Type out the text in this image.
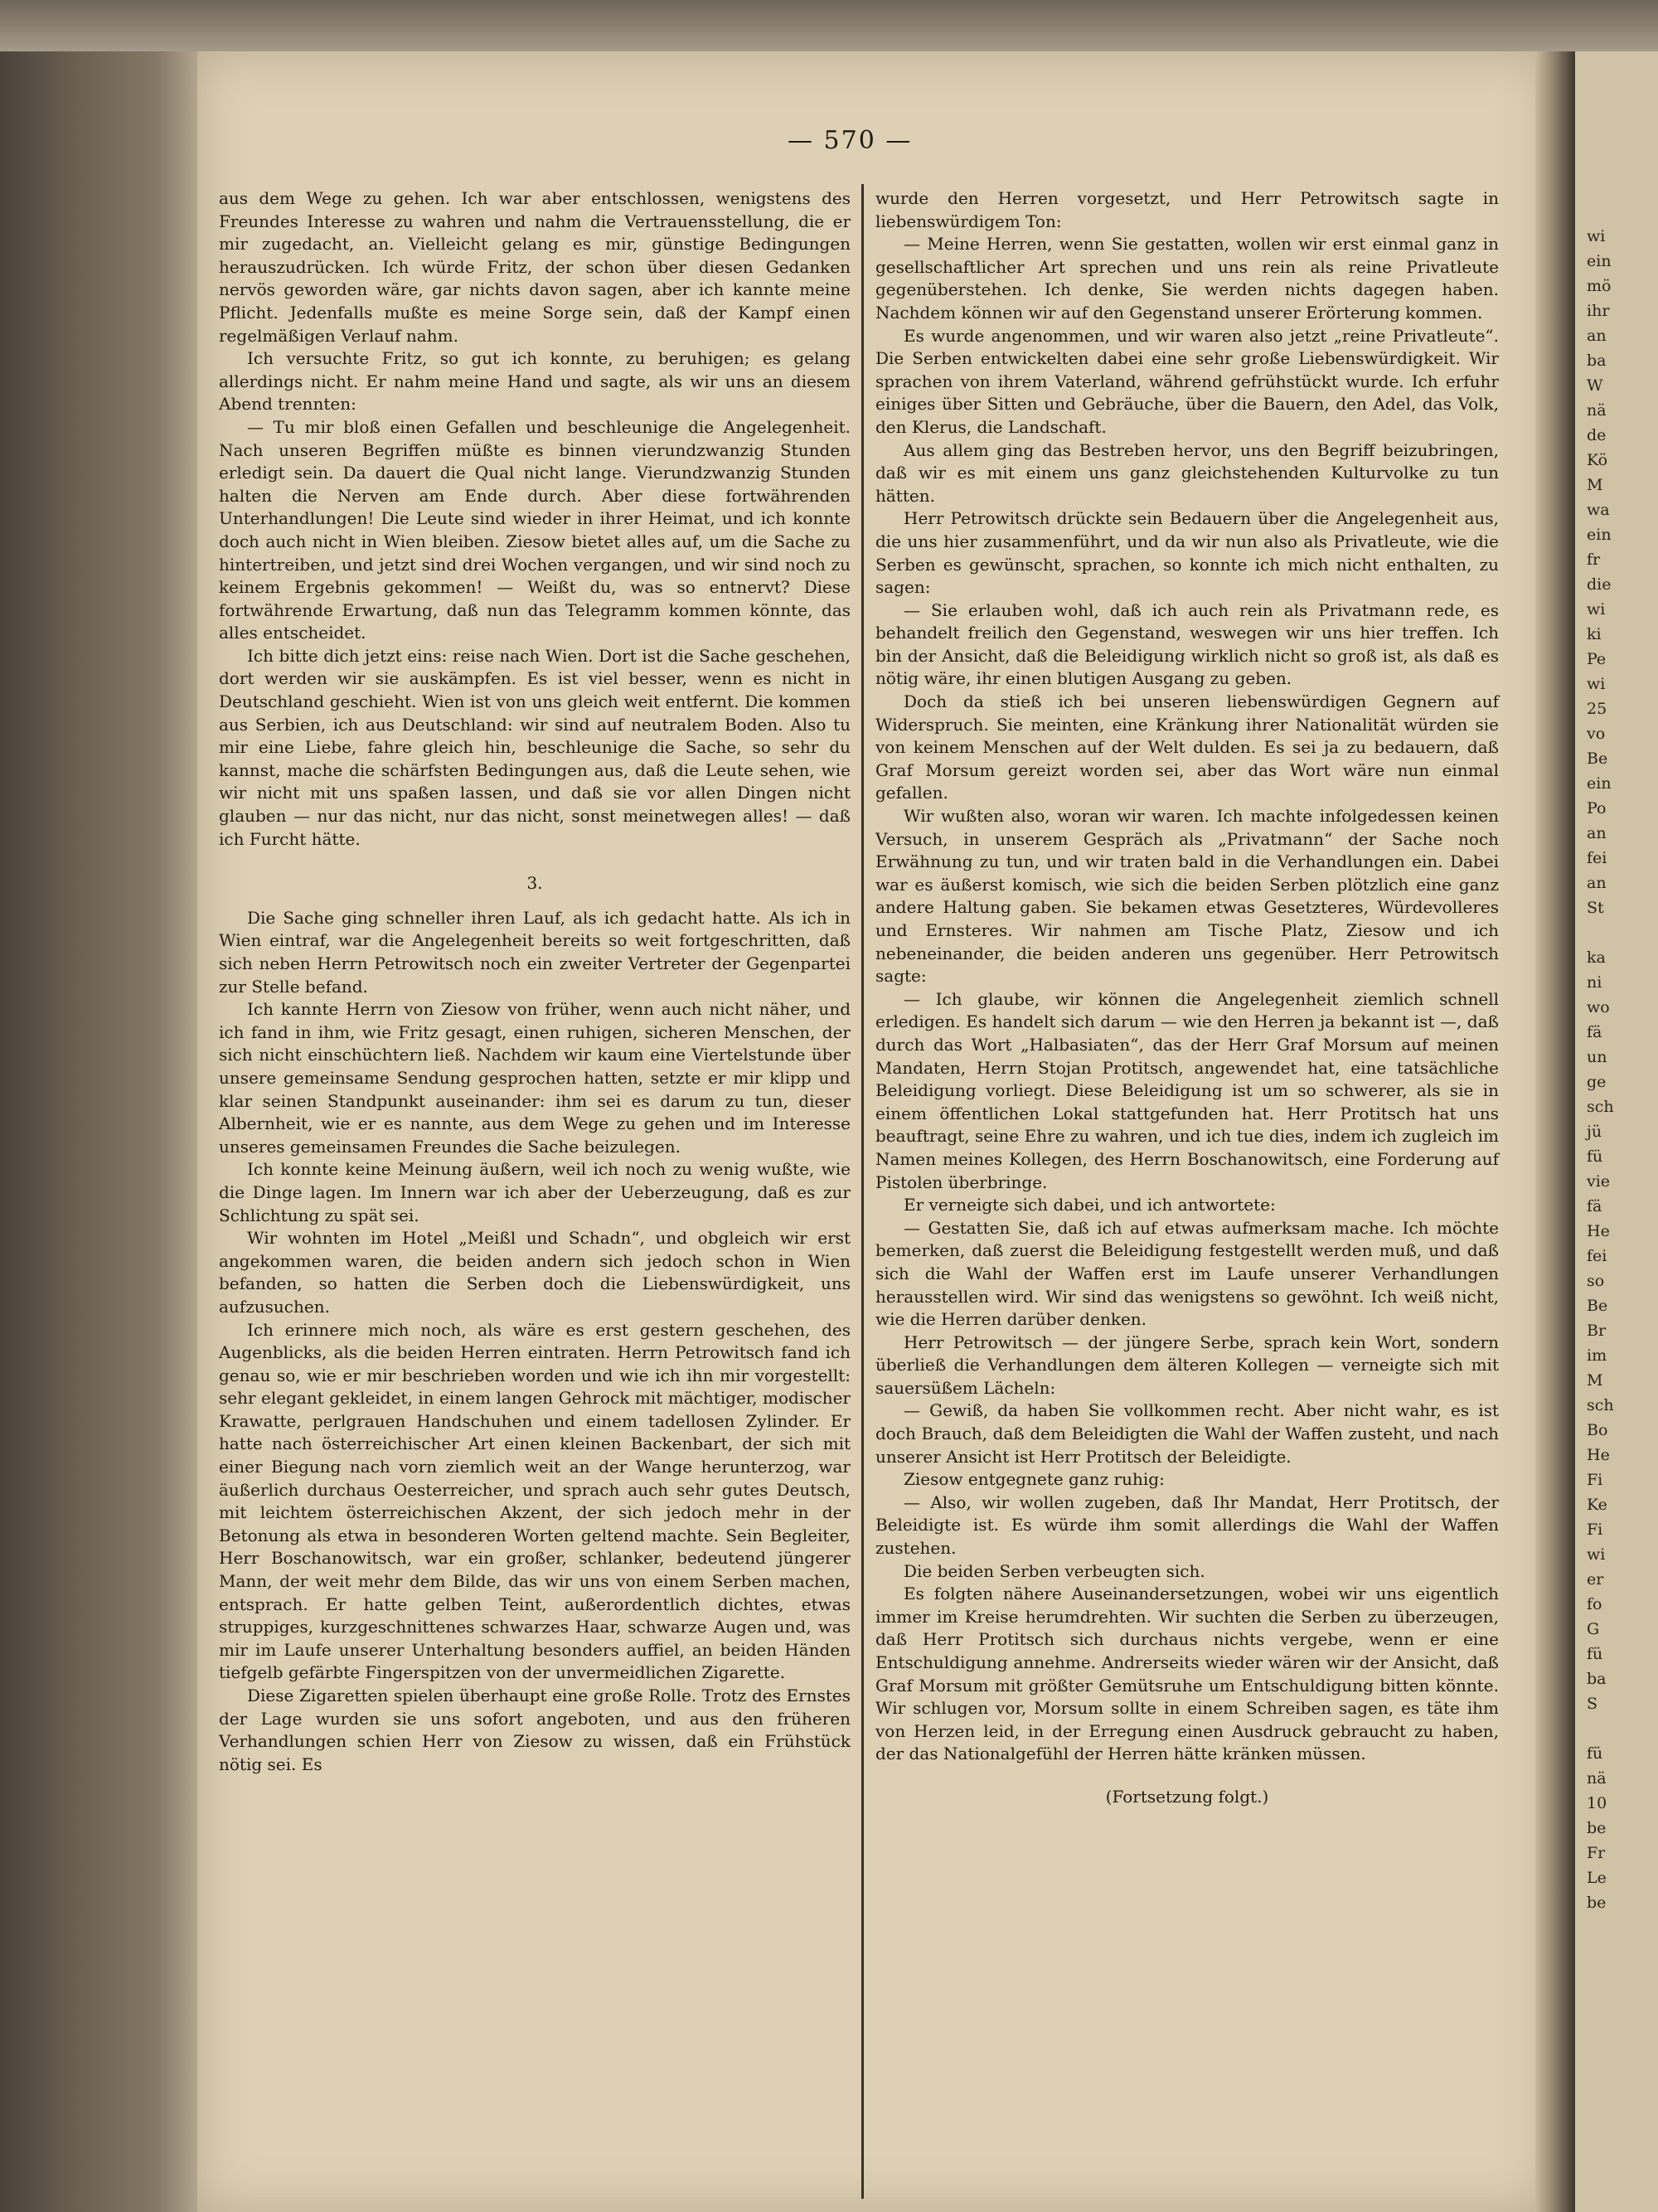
— 570 —

aus dem Wege zu gehen. Ich war aber entschlossen, wenigstens des Freundes Interesse zu wahren und nahm die Vertrauensstellung, die er mir zugedacht, an. Vielleicht gelang es mir, günstige Bedingungen herauszudrücken. Ich würde Fritz, der schon über diesen Gedanken nervös geworden wäre, gar nichts davon sagen, aber ich kannte meine Pflicht. Jedenfalls mußte es meine Sorge sein, daß der Kampf einen regelmäßigen Verlauf nahm.

Ich versuchte Fritz, so gut ich konnte, zu beruhigen; es gelang allerdings nicht. Er nahm meine Hand und sagte, als wir uns an diesem Abend trennten:

— Tu mir bloß einen Gefallen und beschleunige die Angelegenheit. Nach unseren Begriffen müßte es binnen vierundzwanzig Stunden erledigt sein. Da dauert die Qual nicht lange. Vierundzwanzig Stunden halten die Nerven am Ende durch. Aber diese fortwährenden Unterhandlungen! Die Leute sind wieder in ihrer Heimat, und ich konnte doch auch nicht in Wien bleiben. Ziesow bietet alles auf, um die Sache zu hintertreiben, und jetzt sind drei Wochen vergangen, und wir sind noch zu keinem Ergebnis gekommen! — Weißt du, was so entnervt? Diese fortwährende Erwartung, daß nun das Telegramm kommen könnte, das alles entscheidet.

Ich bitte dich jetzt eins: reise nach Wien. Dort ist die Sache geschehen, dort werden wir sie auskämpfen. Es ist viel besser, wenn es nicht in Deutschland geschieht. Wien ist von uns gleich weit entfernt. Die kommen aus Serbien, ich aus Deutschland: wir sind auf neutralem Boden. Also tu mir eine Liebe, fahre gleich hin, beschleunige die Sache, so sehr du kannst, mache die schärfsten Bedingungen aus, daß die Leute sehen, wie wir nicht mit uns spaßen lassen, und daß sie vor allen Dingen nicht glauben — nur das nicht, nur das nicht, sonst meinetwegen alles! — daß ich Furcht hätte.

3.

Die Sache ging schneller ihren Lauf, als ich gedacht hatte. Als ich in Wien eintraf, war die Angelegenheit bereits so weit fortgeschritten, daß sich neben Herrn Petrowitsch noch ein zweiter Vertreter der Gegenpartei zur Stelle befand.

Ich kannte Herrn von Ziesow von früher, wenn auch nicht näher, und ich fand in ihm, wie Fritz gesagt, einen ruhigen, sicheren Menschen, der sich nicht einschüchtern ließ. Nachdem wir kaum eine Viertelstunde über unsere gemeinsame Sendung gesprochen hatten, setzte er mir klipp und klar seinen Standpunkt auseinander: ihm sei es darum zu tun, dieser Albernheit, wie er es nannte, aus dem Wege zu gehen und im Interesse unseres gemeinsamen Freundes die Sache beizulegen.

Ich konnte keine Meinung äußern, weil ich noch zu wenig wußte, wie die Dinge lagen. Im Innern war ich aber der Ueberzeugung, daß es zur Schlichtung zu spät sei.

Wir wohnten im Hotel „Meißl und Schadn“, und obgleich wir erst angekommen waren, die beiden andern sich jedoch schon in Wien befanden, so hatten die Serben doch die Liebenswürdigkeit, uns aufzusuchen.

Ich erinnere mich noch, als wäre es erst gestern geschehen, des Augenblicks, als die beiden Herren eintraten. Herrn Petrowitsch fand ich genau so, wie er mir beschrieben worden und wie ich ihn mir vorgestellt: sehr elegant gekleidet, in einem langen Gehrock mit mächtiger, modischer Krawatte, perlgrauen Handschuhen und einem tadellosen Zylinder. Er hatte nach österreichischer Art einen kleinen Backenbart, der sich mit einer Biegung nach vorn ziemlich weit an der Wange herunterzog, war äußerlich durchaus Oesterreicher, und sprach auch sehr gutes Deutsch, mit leichtem österreichischen Akzent, der sich jedoch mehr in der Betonung als etwa in besonderen Worten geltend machte. Sein Begleiter, Herr Boschanowitsch, war ein großer, schlanker, bedeutend jüngerer Mann, der weit mehr dem Bilde, das wir uns von einem Serben machen, entsprach. Er hatte gelben Teint, außerordentlich dichtes, etwas struppiges, kurzgeschnittenes schwarzes Haar, schwarze Augen und, was mir im Laufe unserer Unterhaltung besonders auffiel, an beiden Händen tiefgelb gefärbte Fingerspitzen von der unvermeidlichen Zigarette.

Diese Zigaretten spielen überhaupt eine große Rolle. Trotz des Ernstes der Lage wurden sie uns sofort angeboten, und aus den früheren Verhandlungen schien Herr von Ziesow zu wissen, daß ein Frühstück nötig sei. Es

wurde den Herren vorgesetzt, und Herr Petrowitsch sagte in liebenswürdigem Ton:

— Meine Herren, wenn Sie gestatten, wollen wir erst einmal ganz in gesellschaftlicher Art sprechen und uns rein als reine Privatleute gegenüberstehen. Ich denke, Sie werden nichts dagegen haben. Nachdem können wir auf den Gegenstand unserer Erörterung kommen.

Es wurde angenommen, und wir waren also jetzt „reine Privatleute“. Die Serben entwickelten dabei eine sehr große Liebenswürdigkeit. Wir sprachen von ihrem Vaterland, während gefrühstückt wurde. Ich erfuhr einiges über Sitten und Gebräuche, über die Bauern, den Adel, das Volk, den Klerus, die Landschaft.

Aus allem ging das Bestreben hervor, uns den Begriff beizubringen, daß wir es mit einem uns ganz gleichstehenden Kulturvolke zu tun hätten.

Herr Petrowitsch drückte sein Bedauern über die Angelegenheit aus, die uns hier zusammenführt, und da wir nun also als Privatleute, wie die Serben es gewünscht, sprachen, so konnte ich mich nicht enthalten, zu sagen:

— Sie erlauben wohl, daß ich auch rein als Privatmann rede, es behandelt freilich den Gegenstand, weswegen wir uns hier treffen. Ich bin der Ansicht, daß die Beleidigung wirklich nicht so groß ist, als daß es nötig wäre, ihr einen blutigen Ausgang zu geben.

Doch da stieß ich bei unseren liebenswürdigen Gegnern auf Widerspruch. Sie meinten, eine Kränkung ihrer Nationalität würden sie von keinem Menschen auf der Welt dulden. Es sei ja zu bedauern, daß Graf Morsum gereizt worden sei, aber das Wort wäre nun einmal gefallen.

Wir wußten also, woran wir waren. Ich machte infolgedessen keinen Versuch, in unserem Gespräch als „Privatmann“ der Sache noch Erwähnung zu tun, und wir traten bald in die Verhandlungen ein. Dabei war es äußerst komisch, wie sich die beiden Serben plötzlich eine ganz andere Haltung gaben. Sie bekamen etwas Gesetzteres, Würdevolleres und Ernsteres. Wir nahmen am Tische Platz, Ziesow und ich nebeneinander, die beiden anderen uns gegenüber. Herr Petrowitsch sagte:

— Ich glaube, wir können die Angelegenheit ziemlich schnell erledigen. Es handelt sich darum — wie den Herren ja bekannt ist —, daß durch das Wort „Halbasiaten“, das der Herr Graf Morsum auf meinen Mandaten, Herrn Stojan Protitsch, angewendet hat, eine tatsächliche Beleidigung vorliegt. Diese Beleidigung ist um so schwerer, als sie in einem öffentlichen Lokal stattgefunden hat. Herr Protitsch hat uns beauftragt, seine Ehre zu wahren, und ich tue dies, indem ich zugleich im Namen meines Kollegen, des Herrn Boschanowitsch, eine Forderung auf Pistolen überbringe.

Er verneigte sich dabei, und ich antwortete:

— Gestatten Sie, daß ich auf etwas aufmerksam mache. Ich möchte bemerken, daß zuerst die Beleidigung festgestellt werden muß, und daß sich die Wahl der Waffen erst im Laufe unserer Verhandlungen herausstellen wird. Wir sind das wenigstens so gewöhnt. Ich weiß nicht, wie die Herren darüber denken.

Herr Petrowitsch — der jüngere Serbe, sprach kein Wort, sondern überließ die Verhandlungen dem älteren Kollegen — verneigte sich mit sauersüßem Lächeln:

— Gewiß, da haben Sie vollkommen recht. Aber nicht wahr, es ist doch Brauch, daß dem Beleidigten die Wahl der Waffen zusteht, und nach unserer Ansicht ist Herr Protitsch der Beleidigte.

Ziesow entgegnete ganz ruhig:

— Also, wir wollen zugeben, daß Ihr Mandat, Herr Protitsch, der Beleidigte ist. Es würde ihm somit allerdings die Wahl der Waffen zustehen.

Die beiden Serben verbeugten sich.

Es folgten nähere Auseinandersetzungen, wobei wir uns eigentlich immer im Kreise herumdrehten. Wir suchten die Serben zu überzeugen, daß Herr Protitsch sich durchaus nichts vergebe, wenn er eine Entschuldigung annehme. Andrerseits wieder wären wir der Ansicht, daß Graf Morsum mit größter Gemütsruhe um Entschuldigung bitten könnte. Wir schlugen vor, Morsum sollte in einem Schreiben sagen, es täte ihm von Herzen leid, in der Erregung einen Ausdruck gebraucht zu haben, der das Nationalgefühl der Herren hätte kränken müssen.

(Fortsetzung folgt.)

wi
ein
mö
ihr
an
ba
W
nä
de
Kö
M
wa
ein
fr
die
wi
ki
Pe
wi
25
vo
Be
ein
Po
an
fei
an
St
ka
ni
wo
fä
un
ge
sch
jü
fü
vie
fä
He
fei
so
Be
Br
im
M
sch
Bo
He
Fi
Ke
Fi
wi
er
fo
G
fü
ba
S
fü
nä
10
be
Fr
Le
be
